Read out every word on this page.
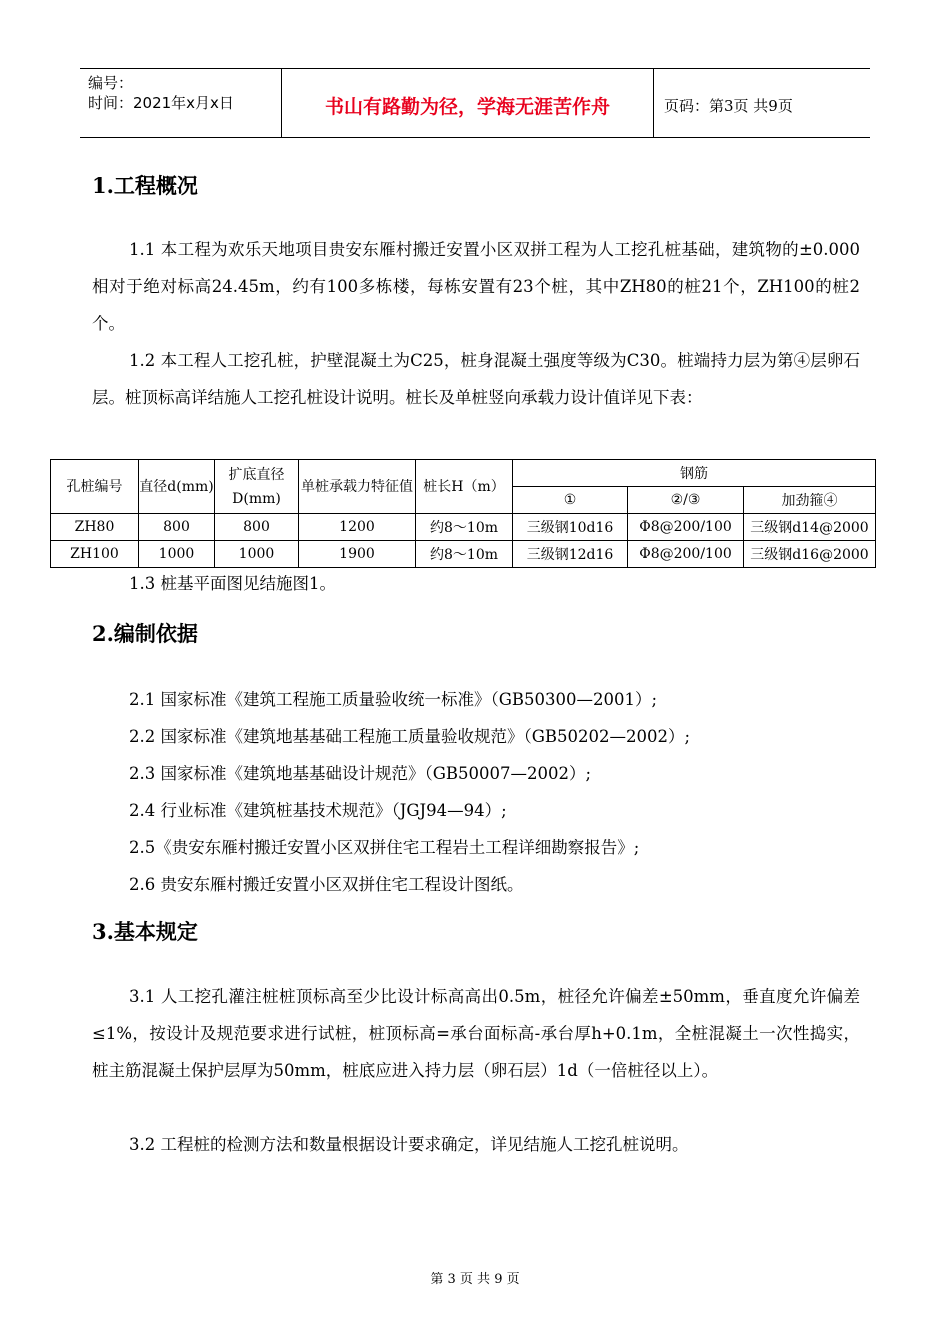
编号：
时间：2021年x月x日	书山有路勤为径，学海无涯苦作舟	页码：第3页 共9页
1.工程概况
1.1 本工程为欢乐天地项目贵安东雁村搬迁安置小区双拼工程为人工挖孔桩基础，建筑物的±0.000相对于绝对标高24.45m，约有100多栋楼，每栋安置有23个桩，其中ZH80的桩21个，ZH100的桩2个。
1.2 本工程人工挖孔桩，护壁混凝土为C25，桩身混凝土强度等级为C30。桩端持力层为第④层卵石层。桩顶标高详结施人工挖孔桩设计说明。桩长及单桩竖向承载力设计值详见下表：
孔桩编号	直径d(mm)	扩底直径D(mm)	单桩承载力特征值	桩长H（m）	钢筋		
					①	②/③	加劲箍④
ZH80	800	800	1200	约8～10m	三级钢10d16	Φ8@200/100	三级钢d14@2000
ZH100	1000	1000	1900	约8～10m	三级钢12d16	Φ8@200/100	三级钢d16@2000
1.3 桩基平面图见结施图1。
2.编制依据
2.1 国家标准《建筑工程施工质量验收统一标准》（GB50300—2001）;
2.2 国家标准《建筑地基基础工程施工质量验收规范》（GB50202—2002）;
2.3 国家标准《建筑地基基础设计规范》（GB50007—2002）;
2.4 行业标准《建筑桩基技术规范》（JGJ94—94）;
2.5《贵安东雁村搬迁安置小区双拼住宅工程岩土工程详细勘察报告》;
2.6 贵安东雁村搬迁安置小区双拼住宅工程设计图纸。
3.基本规定
3.1 人工挖孔灌注桩桩顶标高至少比设计标高高出0.5m，桩径允许偏差±50mm，垂直度允许偏差≤1%，按设计及规范要求进行试桩，桩顶标高=承台面标高-承台厚h+0.1m，全桩混凝土一次性捣实，桩主筋混凝土保护层厚为50mm，桩底应进入持力层（卵石层）1d（一倍桩径以上）。
3.2 工程桩的检测方法和数量根据设计要求确定，详见结施人工挖孔桩说明。
第 3 页 共 9 页
